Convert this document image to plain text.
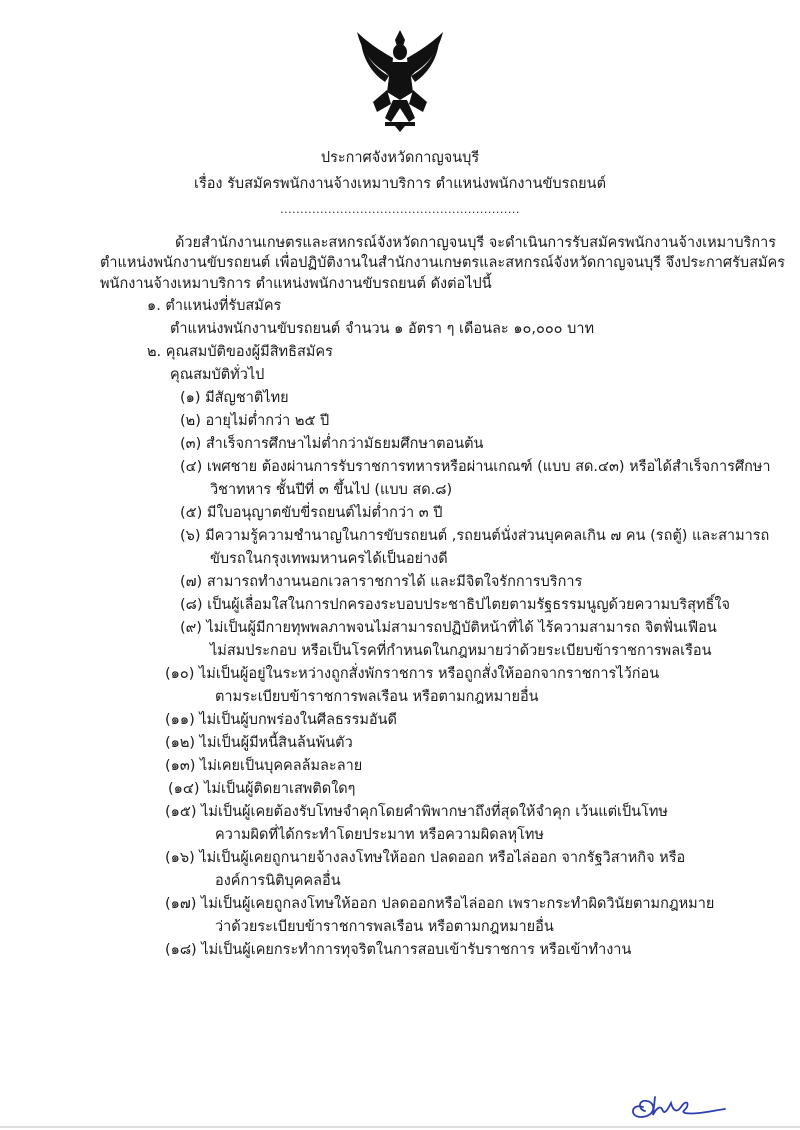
ประกาศจังหวัดกาญจนบุรี
เรื่อง รับสมัครพนักงานจ้างเหมาบริการ ตำแหน่งพนักงานขับรถยนต์
............................................................
ด้วยสำนักงานเกษตรและสหกรณ์จังหวัดกาญจนบุรี จะดำเนินการรับสมัครพนักงานจ้างเหมาบริการ
ตำแหน่งพนักงานขับรถยนต์ เพื่อปฏิบัติงานในสำนักงานเกษตรและสหกรณ์จังหวัดกาญจนบุรี จึงประกาศรับสมัคร
พนักงานจ้างเหมาบริการ ตำแหน่งพนักงานขับรถยนต์ ดังต่อไปนี้
๑. ตำแหน่งที่รับสมัคร
ตำแหน่งพนักงานขับรถยนต์ จำนวน ๑ อัตรา ๆ เดือนละ ๑๐,๐๐๐ บาท
๒. คุณสมบัติของผู้มีสิทธิสมัคร
คุณสมบัติทั่วไป
(๑) มีสัญชาติไทย
(๒) อายุไม่ต่ำกว่า ๒๕ ปี
(๓) สำเร็จการศึกษาไม่ต่ำกว่ามัธยมศึกษาตอนต้น
(๔) เพศชาย ต้องผ่านการรับราชการทหารหรือผ่านเกณฑ์ (แบบ สด.๔๓) หรือได้สำเร็จการศึกษา
วิชาทหาร ชั้นปีที่ ๓ ขึ้นไป (แบบ สด.๘)
(๕) มีใบอนุญาตขับขี่รถยนต์ไม่ต่ำกว่า ๓ ปี
(๖) มีความรู้ความชำนาญในการขับรถยนต์ ,รถยนต์นั่งส่วนบุคคลเกิน ๗ คน (รถตู้) และสามารถ
ขับรถในกรุงเทพมหานครได้เป็นอย่างดี
(๗) สามารถทำงานนอกเวลาราชการได้ และมีจิตใจรักการบริการ
(๘) เป็นผู้เลื่อมใสในการปกครองระบอบประชาธิปไตยตามรัฐธรรมนูญด้วยความบริสุทธิ์ใจ
(๙) ไม่เป็นผู้มีกายทุพพลภาพจนไม่สามารถปฏิบัติหน้าที่ได้ ไร้ความสามารถ จิตฟั่นเฟือน
ไม่สมประกอบ หรือเป็นโรคที่กำหนดในกฎหมายว่าด้วยระเบียบข้าราชการพลเรือน
(๑๐) ไม่เป็นผู้อยู่ในระหว่างถูกสั่งพักราชการ หรือถูกสั่งให้ออกจากราชการไว้ก่อน
ตามระเบียบข้าราชการพลเรือน หรือตามกฎหมายอื่น
(๑๑) ไม่เป็นผู้บกพร่องในศีลธรรมอันดี
(๑๒) ไม่เป็นผู้มีหนี้สินล้นพ้นตัว
(๑๓) ไม่เคยเป็นบุคคลล้มละลาย
(๑๔) ไม่เป็นผู้ติดยาเสพติดใดๆ
(๑๕) ไม่เป็นผู้เคยต้องรับโทษจำคุกโดยคำพิพากษาถึงที่สุดให้จำคุก เว้นแต่เป็นโทษ
ความผิดที่ได้กระทำโดยประมาท หรือความผิดลหุโทษ
(๑๖) ไม่เป็นผู้เคยถูกนายจ้างลงโทษให้ออก ปลดออก หรือไล่ออก จากรัฐวิสาหกิจ หรือ
องค์การนิติบุคคลอื่น
(๑๗) ไม่เป็นผู้เคยถูกลงโทษให้ออก ปลดออกหรือไล่ออก เพราะกระทำผิดวินัยตามกฎหมาย
ว่าด้วยระเบียบข้าราชการพลเรือน หรือตามกฎหมายอื่น
(๑๘) ไม่เป็นผู้เคยกระทำการทุจริตในการสอบเข้ารับราชการ หรือเข้าทำงาน
